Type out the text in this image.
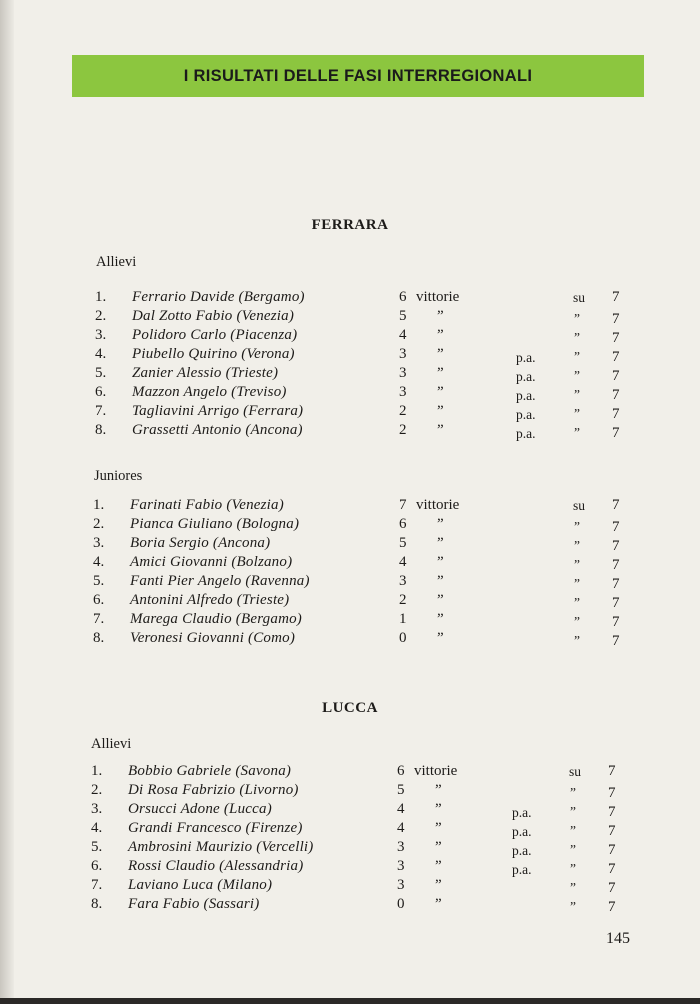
I RISULTATI DELLE FASI INTERREGIONALI
FERRARA
Allievi
1. Ferrario Davide (Bergamo)	6 vittorie	su 7
2. Dal Zotto Fabio (Venezia)	5 ”	” 7
3. Polidoro Carlo (Piacenza)	4 ”	” 7
4. Piubello Quirino (Verona)	3 ”	p.a.	” 7
5. Zanier Alessio (Trieste)	3 ”	p.a.	” 7
6. Mazzon Angelo (Treviso)	3 ”	p.a.	” 7
7. Tagliavini Arrigo (Ferrara)	2 ”	p.a.	” 7
8. Grassetti Antonio (Ancona)	2 ”	p.a.	” 7
Juniores
1. Farinati Fabio (Venezia)	7 vittorie	su 7
2. Pianca Giuliano (Bologna)	6 ”	” 7
3. Boria Sergio (Ancona)	5 ”	” 7
4. Amici Giovanni (Bolzano)	4 ”	” 7
5. Fanti Pier Angelo (Ravenna)	3 ”	” 7
6. Antonini Alfredo (Trieste)	2 ”	” 7
7. Marega Claudio (Bergamo)	1 ”	” 7
8. Veronesi Giovanni (Como)	0 ”	” 7
LUCCA
Allievi
1. Bobbio Gabriele (Savona)	6 vittorie	su 7
2. Di Rosa Fabrizio (Livorno)	5 ”	” 7
3. Orsucci Adone (Lucca)	4 ”	p.a.	” 7
4. Grandi Francesco (Firenze)	4 ”	p.a.	” 7
5. Ambrosini Maurizio (Vercelli)	3 ”	p.a.	” 7
6. Rossi Claudio (Alessandria)	3 ”	p.a.	” 7
7. Laviano Luca (Milano)	3 ”	” 7
8. Fara Fabio (Sassari)	0 ”	” 7
145
